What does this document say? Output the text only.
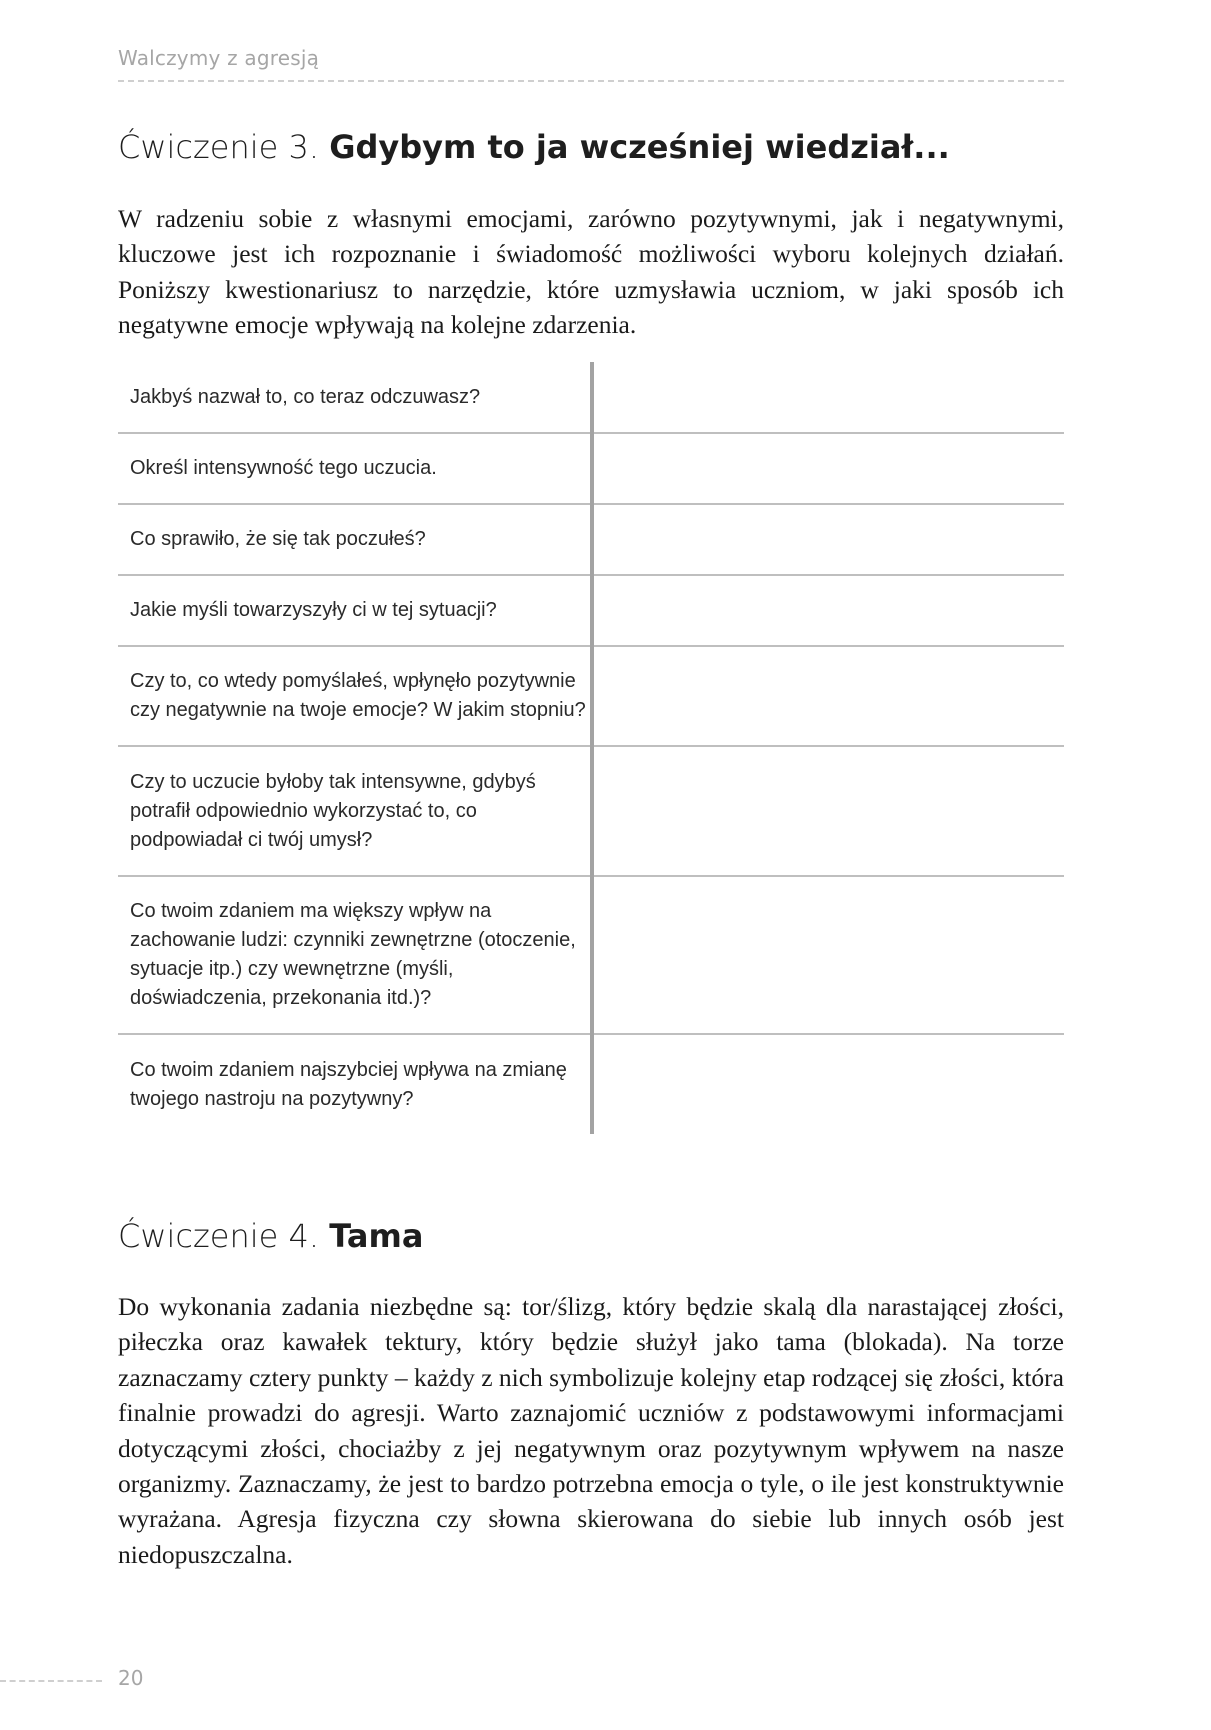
Walczymy z agresją
Ćwiczenie 3. Gdybym to ja wcześniej wiedział...

W radzeniu sobie z własnymi emocjami, zarówno pozytywnymi, jak i negatywnymi, kluczowe jest ich rozpoznanie i świadomość możliwości wyboru kolejnych działań. Poniższy kwestionariusz to narzędzie, które uzmysławia uczniom, w jaki sposób ich negatywne emocje wpływają na kolejne zdarzenia.

Jakbyś nazwał to, co teraz odczuwasz?	
Określ intensywność tego uczucia.	
Co sprawiło, że się tak poczułeś?	
Jakie myśli towarzyszyły ci w tej sytuacji?	
Czy to, co wtedy pomyślałeś, wpłynęło pozytywnie czy negatywnie na twoje emocje? W jakim stopniu?	
Czy to uczucie byłoby tak intensywne, gdybyś potrafił odpowiednio wykorzystać to, co podpowiadał ci twój umysł?	
Co twoim zdaniem ma większy wpływ na zachowanie ludzi: czynniki zewnętrzne (otoczenie, sytuacje itp.) czy wewnętrzne (myśli, doświadczenia, przekonania itd.)?	
Co twoim zdaniem najszybciej wpływa na zmianę twojego nastroju na pozytywny?	
Ćwiczenie 4. Tama

Do wykonania zadania niezbędne są: tor/ślizg, który będzie skalą dla narastającej złości, piłeczka oraz kawałek tektury, który będzie służył jako tama (blokada). Na torze zaznaczamy cztery punkty – każdy z nich symbolizuje kolejny etap rodzącej się złości, która finalnie prowadzi do agresji. Warto zaznajomić uczniów z podstawowymi informacjami dotyczącymi złości, chociażby z jej negatywnym oraz pozytywnym wpływem na nasze organizmy. Zaznaczamy, że jest to bardzo potrzebna emocja o tyle, o ile jest konstruktywnie wyrażana. Agresja fizyczna czy słowna skierowana do siebie lub innych osób jest niedopuszczalna.

20
